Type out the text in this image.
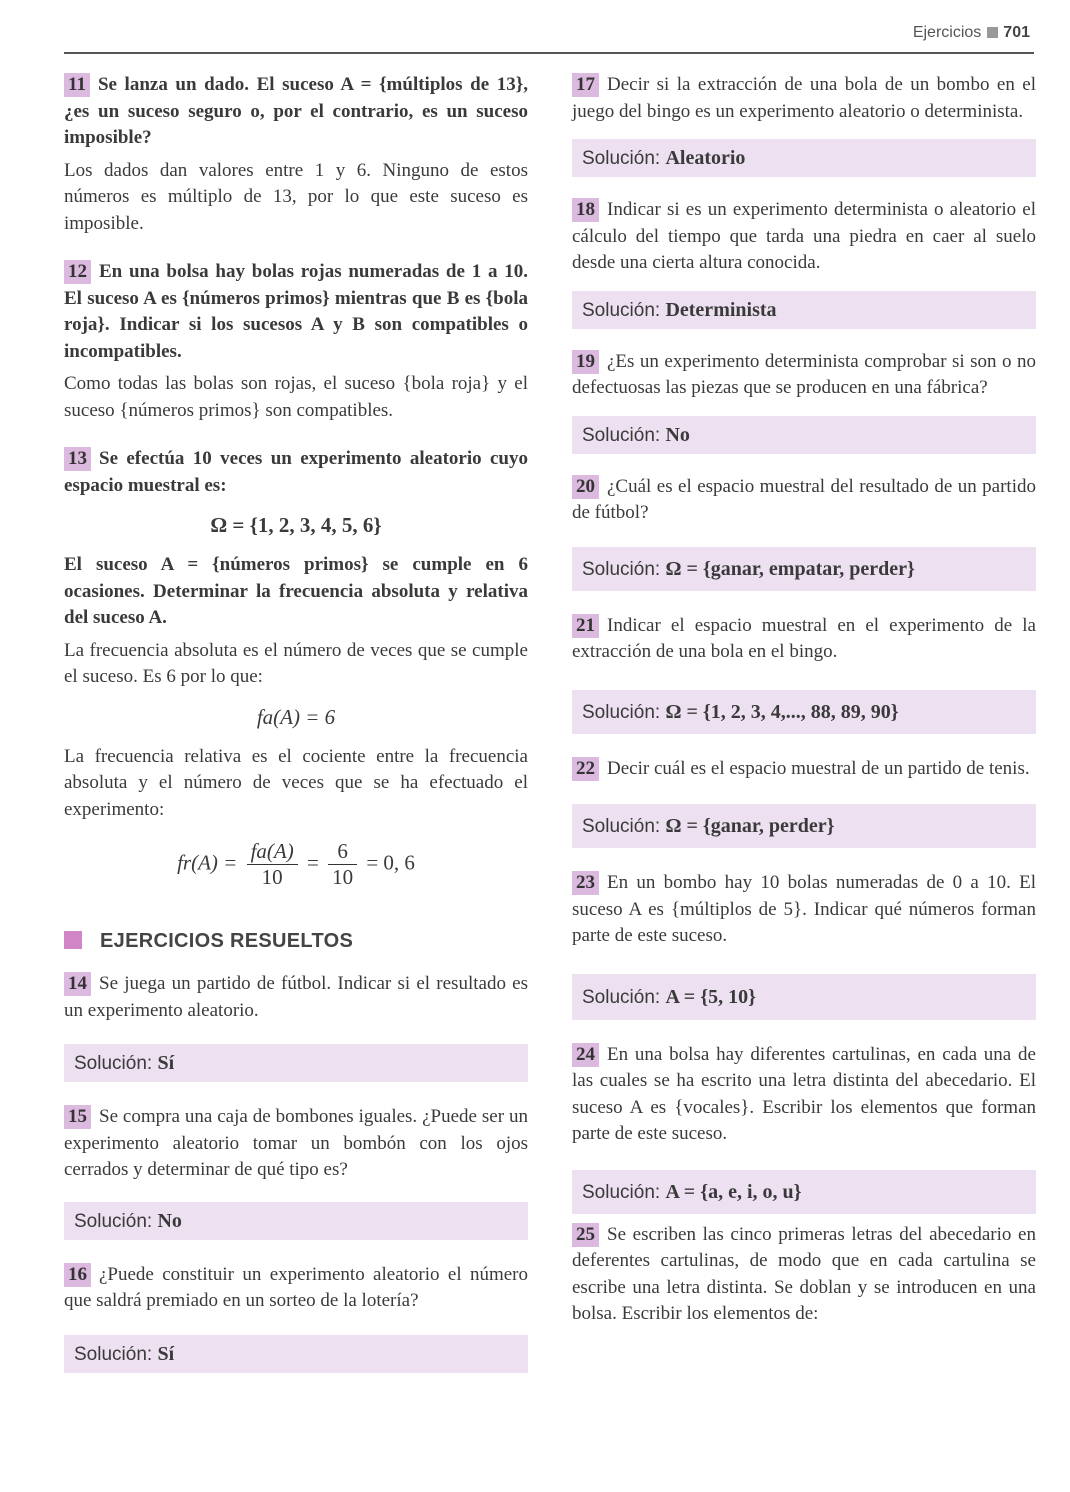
Ejercicios 701

11 Se lanza un dado. El suceso A = {múltiplos de 13}, ¿es un suceso seguro o, por el contrario, es un suceso imposible?

Los dados dan valores entre 1 y 6. Ninguno de estos números es múltiplo de 13, por lo que este suceso es imposible.

12 En una bolsa hay bolas rojas numeradas de 1 a 10. El suceso A es {números primos} mientras que B es {bola roja}. Indicar si los sucesos A y B son compatibles o incompatibles.

Como todas las bolas son rojas, el suceso {bola roja} y el suceso {números primos} son compatibles.

13 Se efectúa 10 veces un experimento aleatorio cuyo espacio muestral es:

Ω = {1, 2, 3, 4, 5, 6}

El suceso A = {números primos} se cumple en 6 ocasiones. Determinar la frecuencia absoluta y relativa del suceso A.

La frecuencia absoluta es el número de veces que se cumple el suceso. Es 6 por lo que:

fa(A) = 6

La frecuencia relativa es el cociente entre la frecuencia absoluta y el número de veces que se ha efectuado el experimento:

$fr(A) = \frac{fa(A)}{10} = \frac{6}{10} = 0$, 6
EJERCICIOS RESUELTOS

14 Se juega un partido de fútbol. Indicar si el resultado es un experimento aleatorio.

Solución: Sí

15 Se compra una caja de bombones iguales. ¿Puede ser un experimento aleatorio tomar un bombón con los ojos cerrados y determinar de qué tipo es?

Solución: No

16 ¿Puede constituir un experimento aleatorio el número que saldrá premiado en un sorteo de la lotería?

Solución: Sí

17 Decir si la extracción de una bola de un bombo en el juego del bingo es un experimento aleatorio o determinista.

Solución: Aleatorio

18 Indicar si es un experimento determinista o aleatorio el cálculo del tiempo que tarda una piedra en caer al suelo desde una cierta altura conocida.

Solución: Determinista

19 ¿Es un experimento determinista comprobar si son o no defectuosas las piezas que se producen en una fábrica?

Solución: No

20 ¿Cuál es el espacio muestral del resultado de un partido de fútbol?

Solución: Ω = {ganar, empatar, perder}

21 Indicar el espacio muestral en el experimento de la extracción de una bola en el bingo.

Solución: Ω = {1, 2, 3, 4,..., 88, 89, 90}

22 Decir cuál es el espacio muestral de un partido de tenis.

Solución: Ω = {ganar, perder}

23 En un bombo hay 10 bolas numeradas de 0 a 10. El suceso A es {múltiplos de 5}. Indicar qué números forman parte de este suceso.

Solución: A = {5, 10}

24 En una bolsa hay diferentes cartulinas, en cada una de las cuales se ha escrito una letra distinta del abecedario. El suceso A es {vocales}. Escribir los elementos que forman parte de este suceso.

Solución: A = {a, e, i, o, u}

25 Se escriben las cinco primeras letras del abecedario en deferentes cartulinas, de modo que en cada cartulina se escribe una letra distinta. Se doblan y se introducen en una bolsa. Escribir los elementos de:
